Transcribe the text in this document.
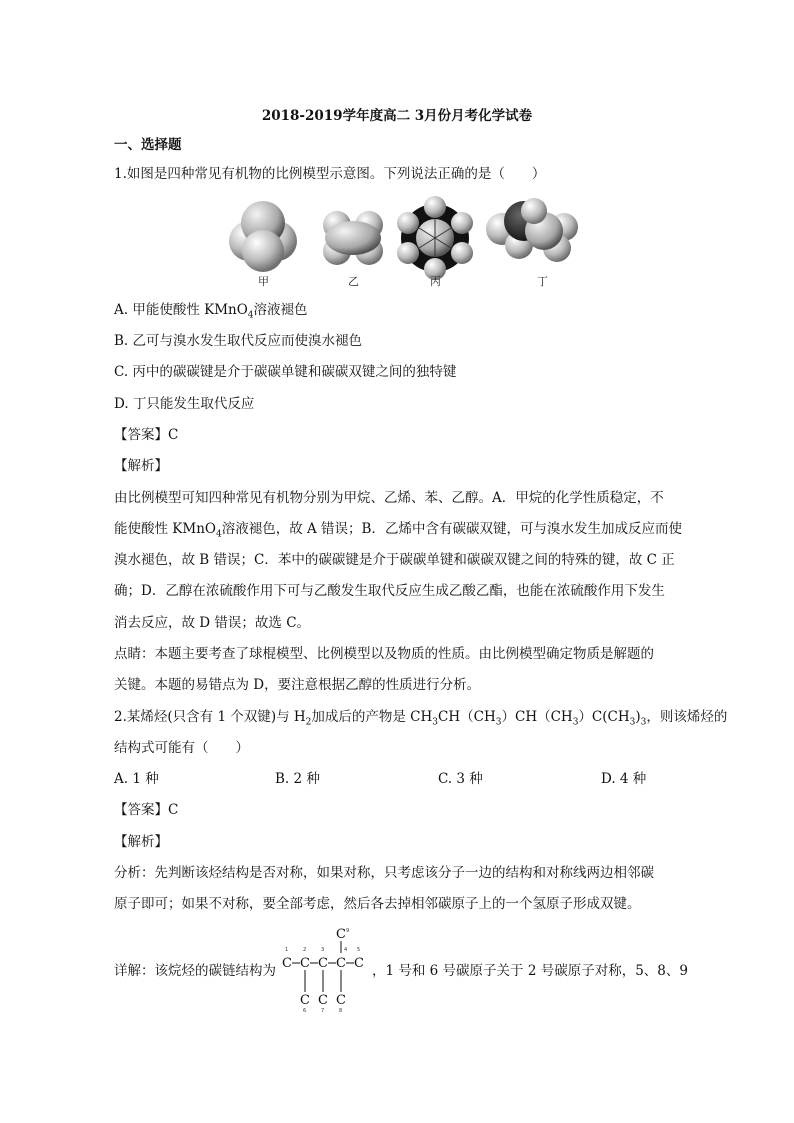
2018-2019学年度高二 3月份月考化学试卷
一、选择题
1.如图是四种常见有机物的比例模型示意图。下列说法正确的是（　　）
甲	乙	丙	丁
A. 甲能使酸性 KMnO$_4$溶液褪色
B. 乙可与溴水发生取代反应而使溴水褪色
C. 丙中的碳碳键是介于碳碳单键和碳碳双键之间的独特键
D. 丁只能发生取代反应
【答案】C
【解析】
由比例模型可知四种常见有机物分别为甲烷、乙烯、苯、乙醇。A．甲烷的化学性质稳定，不
能使酸性 KMnO$_4$溶液褪色，故 A 错误；B．乙烯中含有碳碳双键，可与溴水发生加成反应而使
溴水褪色，故 B 错误；C．苯中的碳碳键是介于碳碳单键和碳碳双键之间的特殊的键，故 C 正
确；D．乙醇在浓硫酸作用下可与乙酸发生取代反应生成乙酸乙酯，也能在浓硫酸作用下发生
消去反应，故 D 错误；故选 C。
点睛：本题主要考查了球棍模型、比例模型以及物质的性质。由比例模型确定物质是解题的
关键。本题的易错点为 D，要注意根据乙醇的性质进行分析。
2.某烯烃(只含有 1 个双键)与 $H_2$加成后的产物是 $CH_3CH(CH_3)CH(CH_3)C(CH_3)_3$，则该烯烃的
结构式可能有（　　）
A. 1 种	B. 2 种	C. 3 种	D. 4 种
【答案】C
【解析】
分析：先判断该烃结构是否对称，如果对称，只考虑该分子一边的结构和对称线两边相邻碳
原子即可；如果不对称，要全部考虑，然后各去掉相邻碳原子上的一个氢原子形成双键。
详解：该烷烃的碳链结构为 C C C C C
C
C C C
1	2	3	4 5
6	7	8
9
，1 号和 6 号碳原子关于 2 号碳原子对称，5、8、9
